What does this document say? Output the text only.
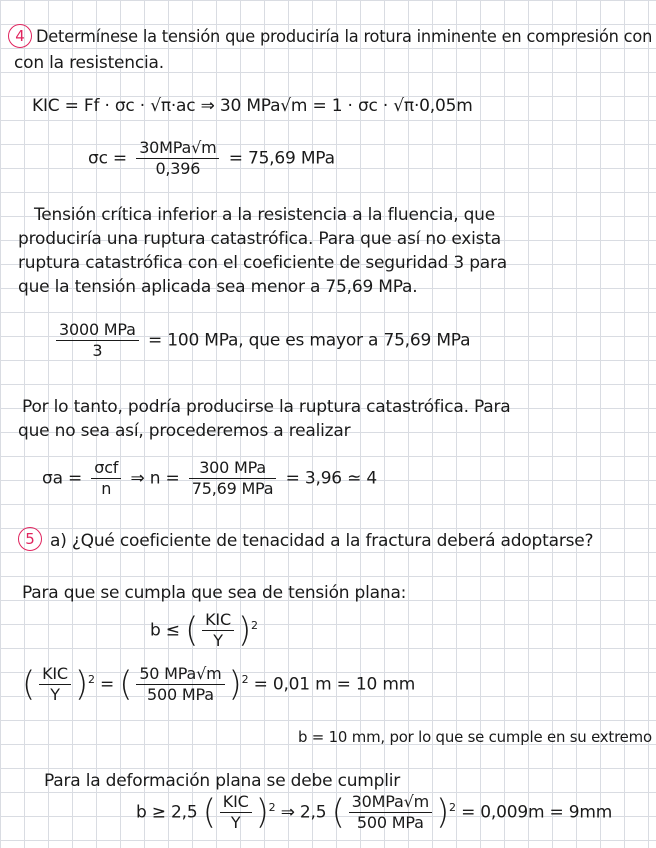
4 Determínese la tensión que produciría la rotura inminente en compresión con
con la resistencia.
KIC = Ff · σc · √π·ac ⇒ 30 MPa√m = 1 · σc · √π·0,05m
$\sigma c = \frac{\text{30MPa√m}}{0,396} = 75,69$ MPa
Tensión crítica inferior a la resistencia a la fluencia, que
produciría una ruptura catastrófica. Para que así no exista
ruptura catastrófica con el coeficiente de seguridad 3 para
que la tensión aplicada sea menor a 75,69 MPa.
$\frac{\text{3000 MPa}}{3} = 100$ MPa, que es mayor a 75,69 MPa
Por lo tanto, podría producirse la ruptura catastrófica. Para
que no sea así, procederemos a realizar
$\sigma a = \frac{\text{σcf}}{n}$ ⇒ $n = \frac{\text{300 MPa}}{\text{75,69 MPa}} = 3,96$ ≃ 4
5 a) ¿Qué coeficiente de tenacidad a la fractura deberá adoptarse?
Para que se cumpla que sea de tensión plana:
b ≤ ( $\frac{\text{KIC}}{Y} )^2$
( $\frac{\text{KIC}}{Y} )^2$ = ( $\frac{\text{50 MPa√m}}{\text{500 MPa}} )^2 = 0,01$ m = 10 mm
b = 10 mm, por lo que se cumple en su extremo
Para la deformación plana se debe cumplir
b ≥ 2,5 ( $\frac{\text{KIC}}{Y} )^2$ ⇒ 2,5 ( $\frac{\text{30MPa√m}}{\text{500 MPa}} )^2 = 0,009m = 9mm$
